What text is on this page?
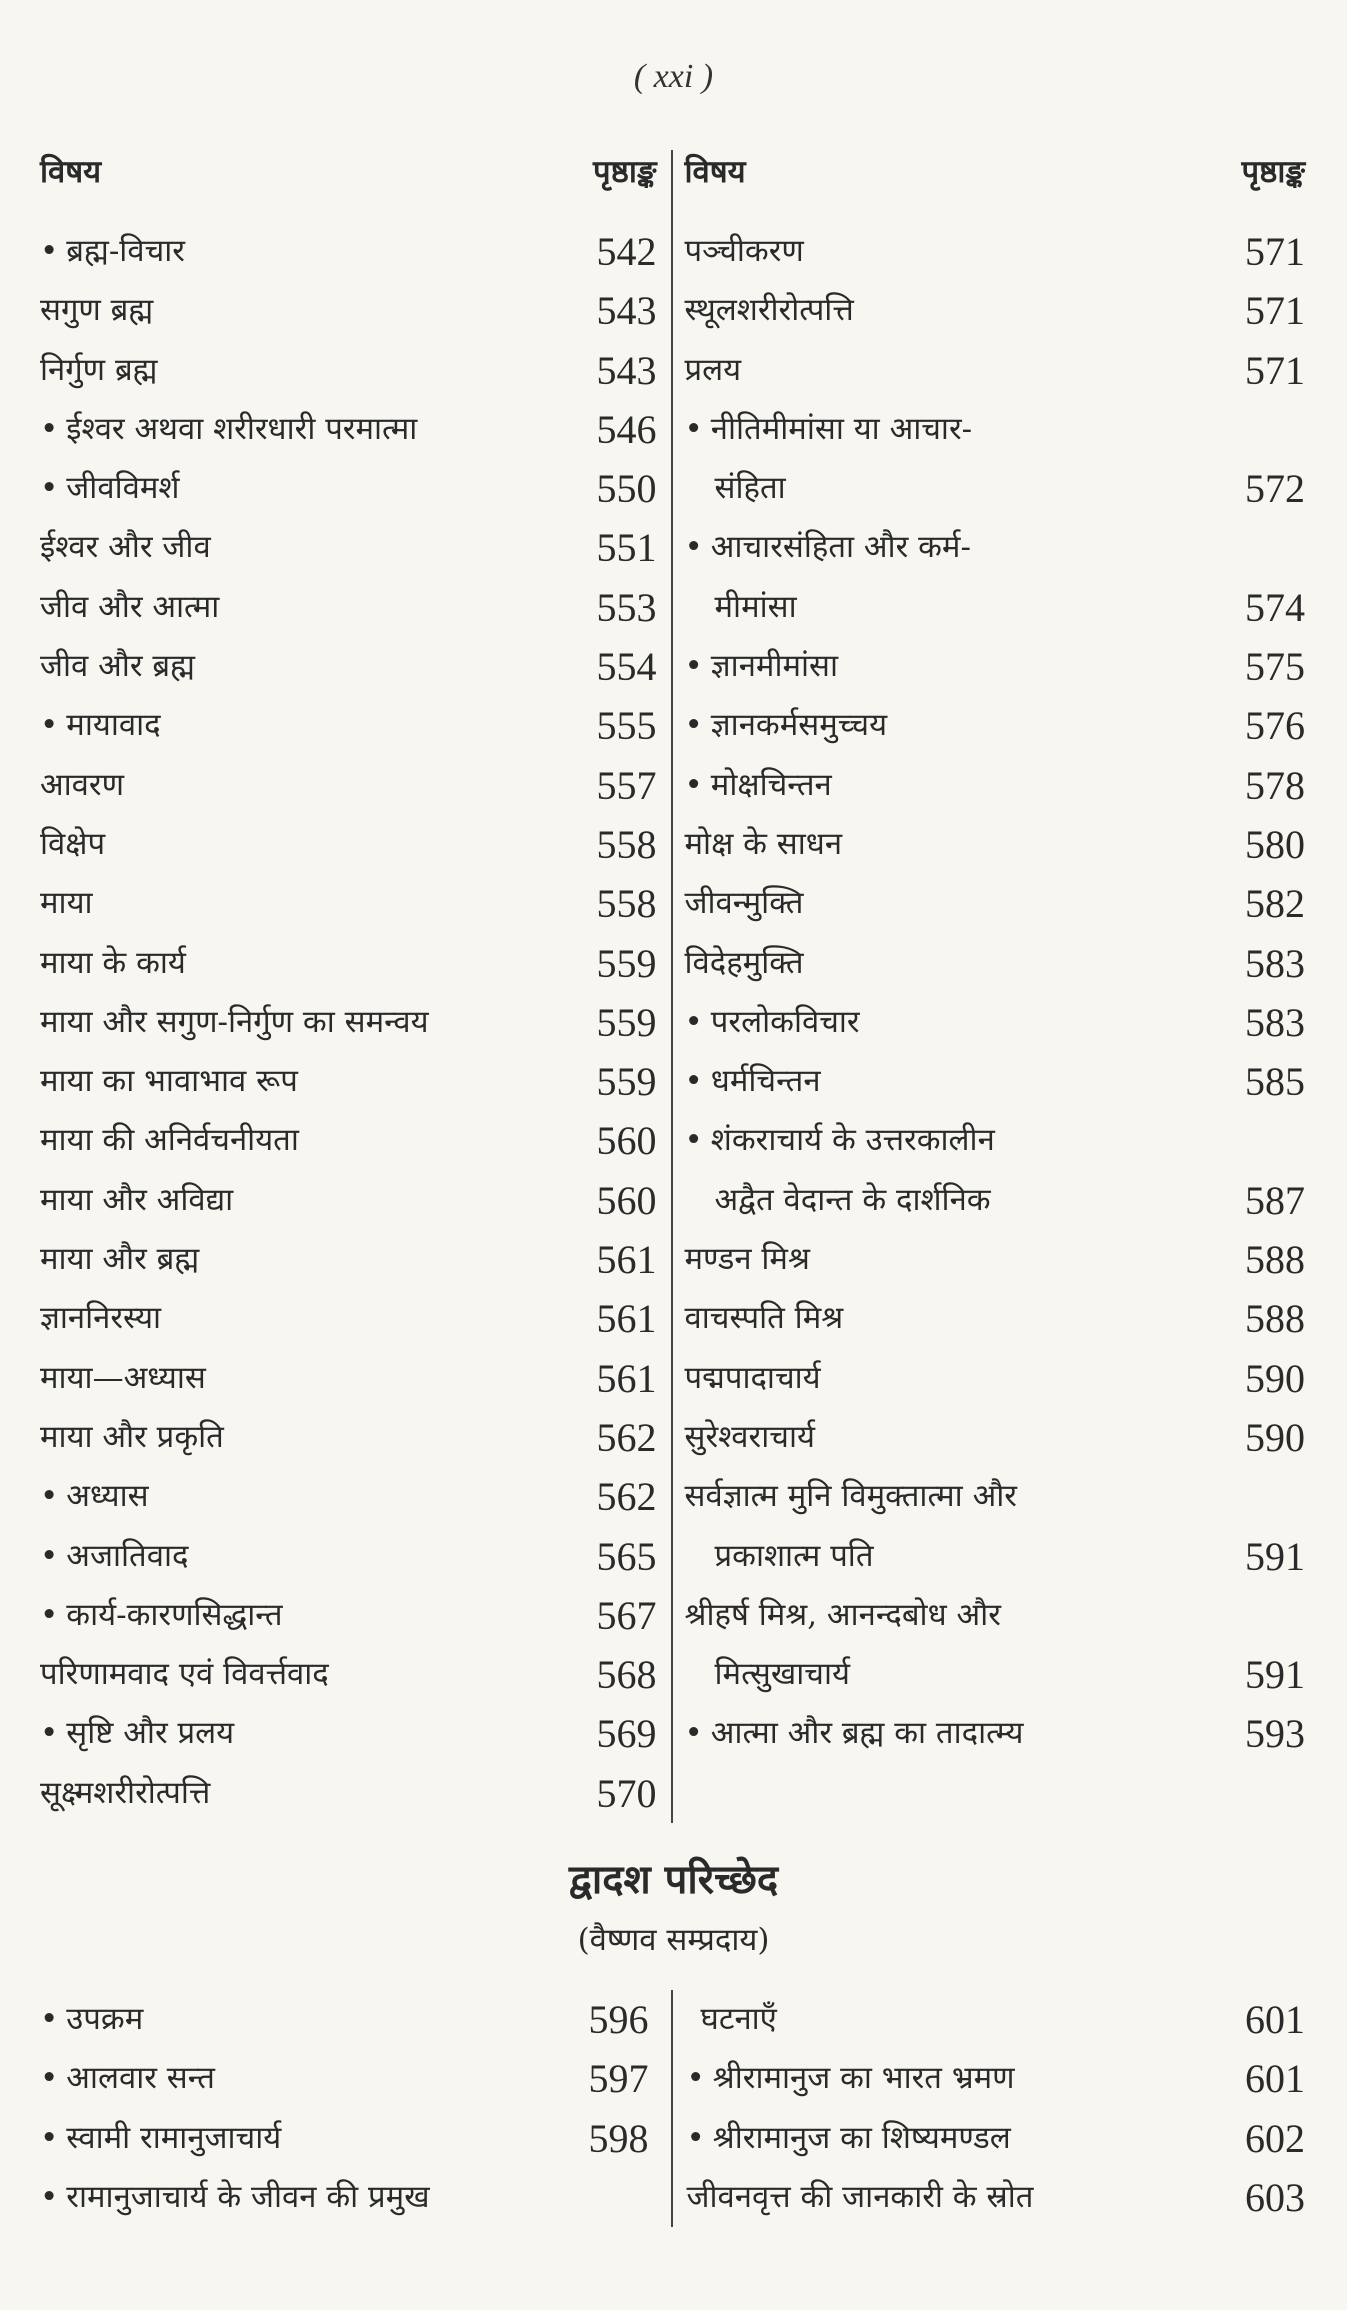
( xxi )
विषय	पृष्ठाङ्क
• ब्रह्म-विचार	542
सगुण ब्रह्म	543
निर्गुण ब्रह्म	543
• ईश्वर अथवा शरीरधारी परमात्मा	546
• जीवविमर्श	550
ईश्वर और जीव	551
जीव और आत्मा	553
जीव और ब्रह्म	554
• मायावाद	555
आवरण	557
विक्षेप	558
माया	558
माया के कार्य	559
माया और सगुण-निर्गुण का समन्वय	559
माया का भावाभाव रूप	559
माया की अनिर्वचनीयता	560
माया और अविद्या	560
माया और ब्रह्म	561
ज्ञाननिरस्या	561
माया—अध्यास	561
माया और प्रकृति	562
• अध्यास	562
• अजातिवाद	565
• कार्य-कारणसिद्धान्त	567
परिणामवाद एवं विवर्त्तवाद	568
• सृष्टि और प्रलय	569
सूक्ष्मशरीरोत्पत्ति	570
विषय	पृष्ठाङ्क
पञ्चीकरण	571
स्थूलशरीरोत्पत्ति	571
प्रलय	571
• नीतिमीमांसा या आचार-
संहिता	572
• आचारसंहिता और कर्म-
मीमांसा	574
• ज्ञानमीमांसा	575
• ज्ञानकर्मसमुच्चय	576
• मोक्षचिन्तन	578
मोक्ष के साधन	580
जीवन्मुक्ति	582
विदेहमुक्ति	583
• परलोकविचार	583
• धर्मचिन्तन	585
• शंकराचार्य के उत्तरकालीन
अद्वैत वेदान्त के दार्शनिक	587
मण्डन मिश्र	588
वाचस्पति मिश्र	588
पद्मपादाचार्य	590
सुरेश्वराचार्य	590
सर्वज्ञात्म मुनि विमुक्तात्मा और
प्रकाशात्म पति	591
श्रीहर्ष मिश्र, आनन्दबोध और
मित्सुखाचार्य	591
• आत्मा और ब्रह्म का तादात्म्य	593
द्वादश परिच्छेद
(वैष्णव सम्प्रदाय)
• उपक्रम	596
• आलवार सन्त	597
• स्वामी रामानुजाचार्य	598
• रामानुजाचार्य के जीवन की प्रमुख
घटनाएँ	601
• श्रीरामानुज का भारत भ्रमण	601
• श्रीरामानुज का शिष्यमण्डल	602
जीवनवृत्त की जानकारी के स्रोत	603
